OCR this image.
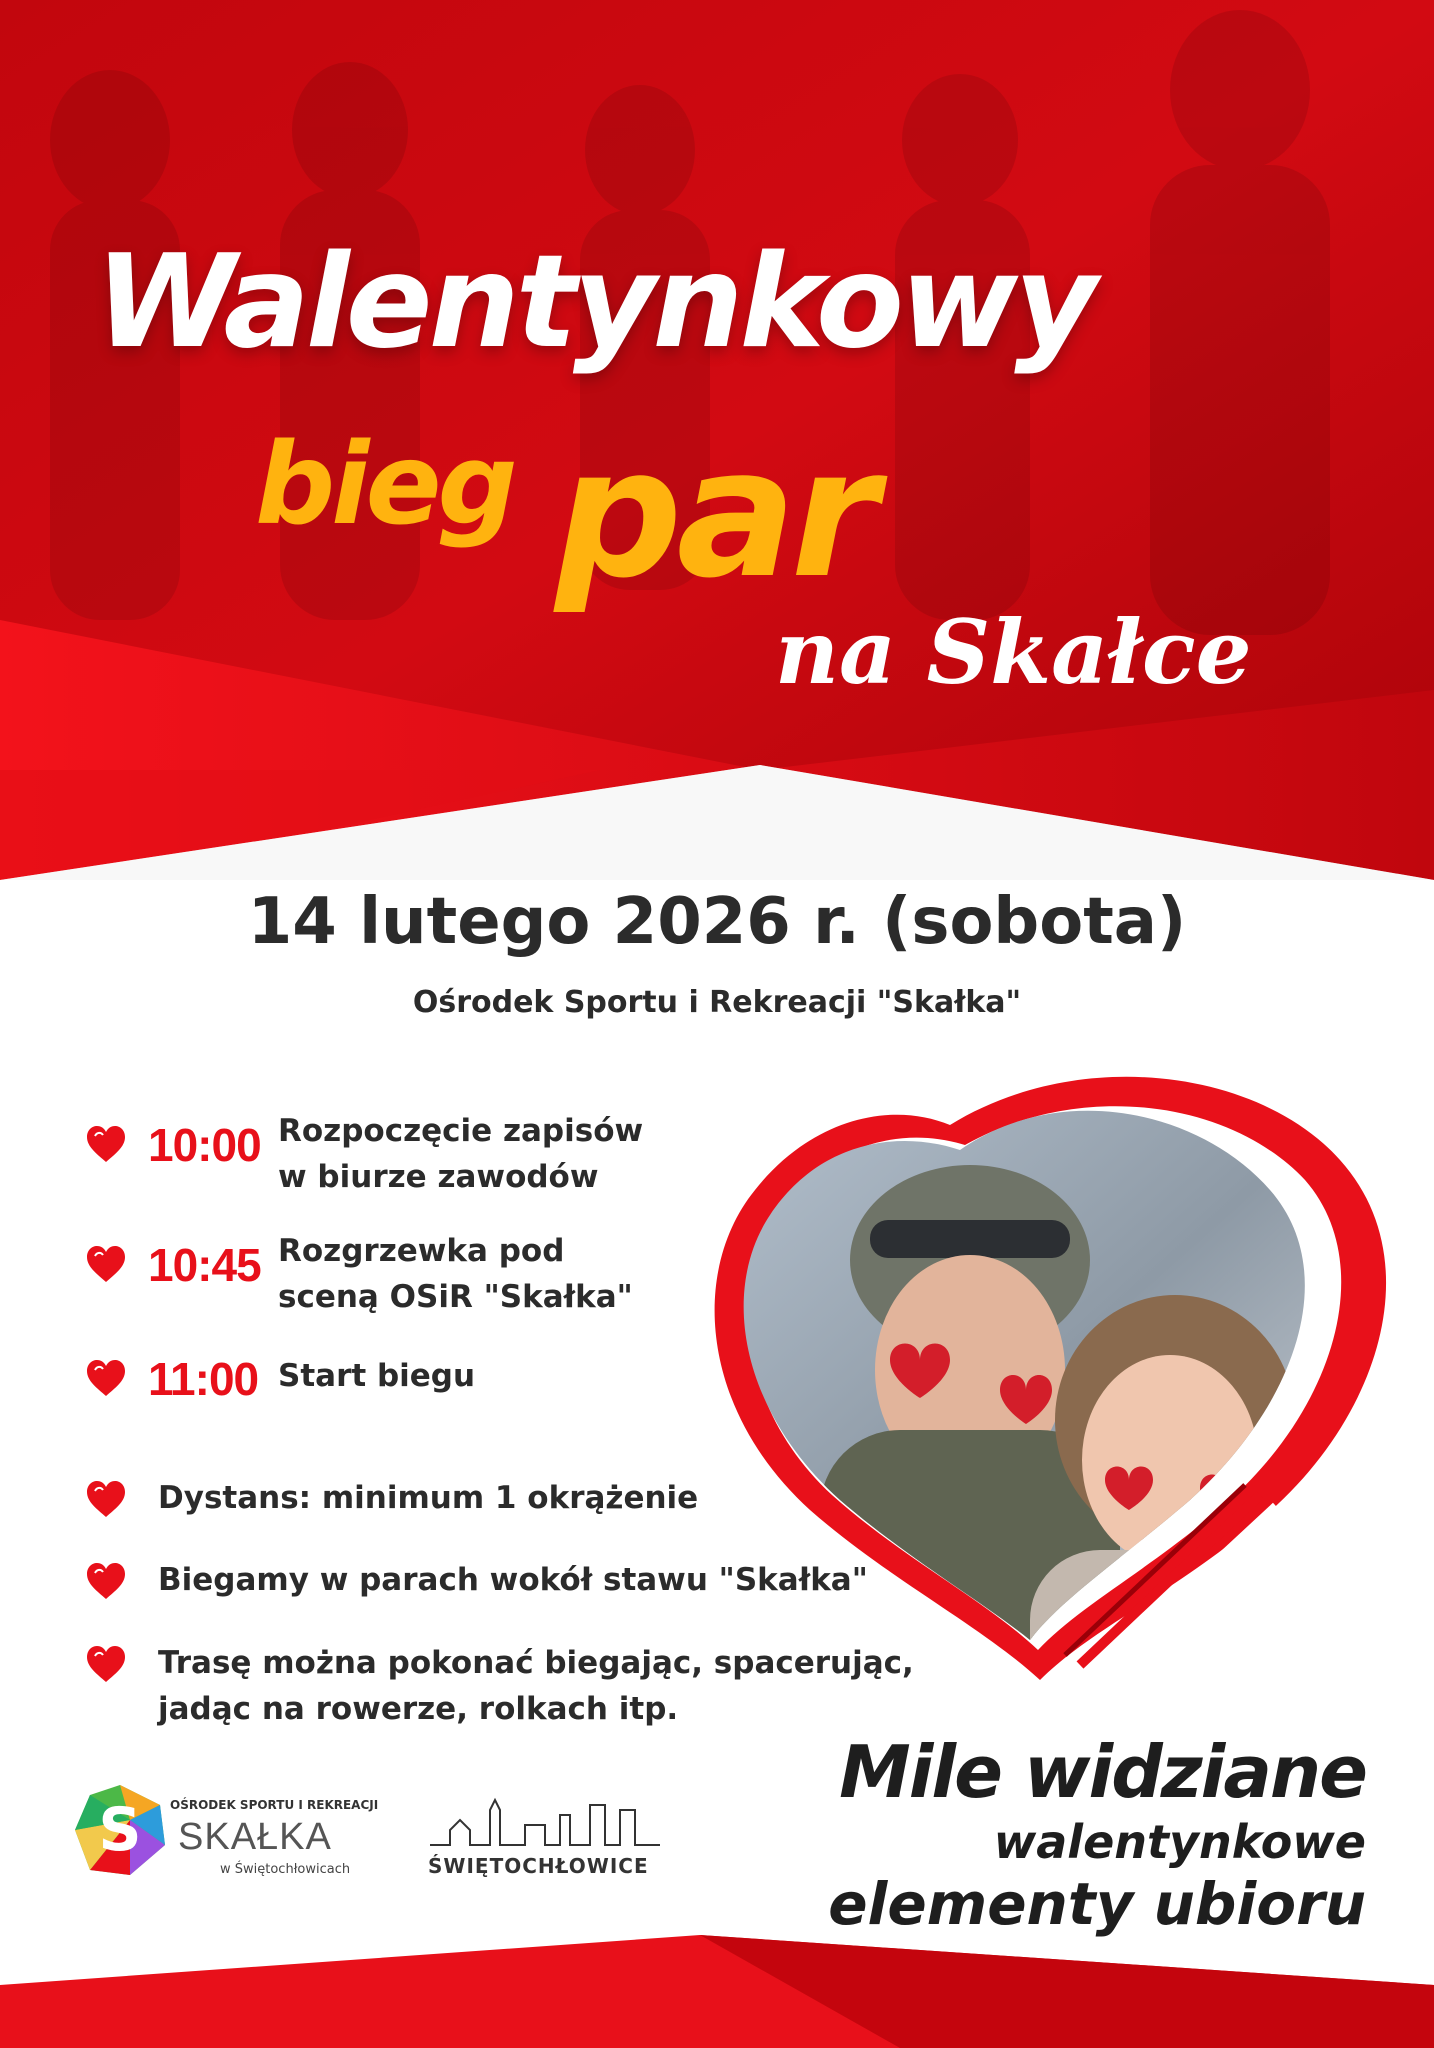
Walentynkowy
bieg par
na Skałce
14 lutego 2026 r. (sobota)
Ośrodek Sportu i Rekreacji "Skałka"
10:00 Rozpoczęcie zapisów
w biurze zawodów
10:45 Rozgrzewka pod
sceną OSiR "Skałka"
11:00 Start biegu
Dystans: minimum 1 okrążenie
Biegamy w parach wokół stawu "Skałka"
Trasę można pokonać biegając, spacerując,
jadąc na rowerze, rolkach itp.
Mile widziane
walentynkowe
elementy ubioru
S OŚRODEK SPORTU I REKREACJI
SKAŁKA
w Świętochłowicach	ŚWIĘTOCHŁOWICE
